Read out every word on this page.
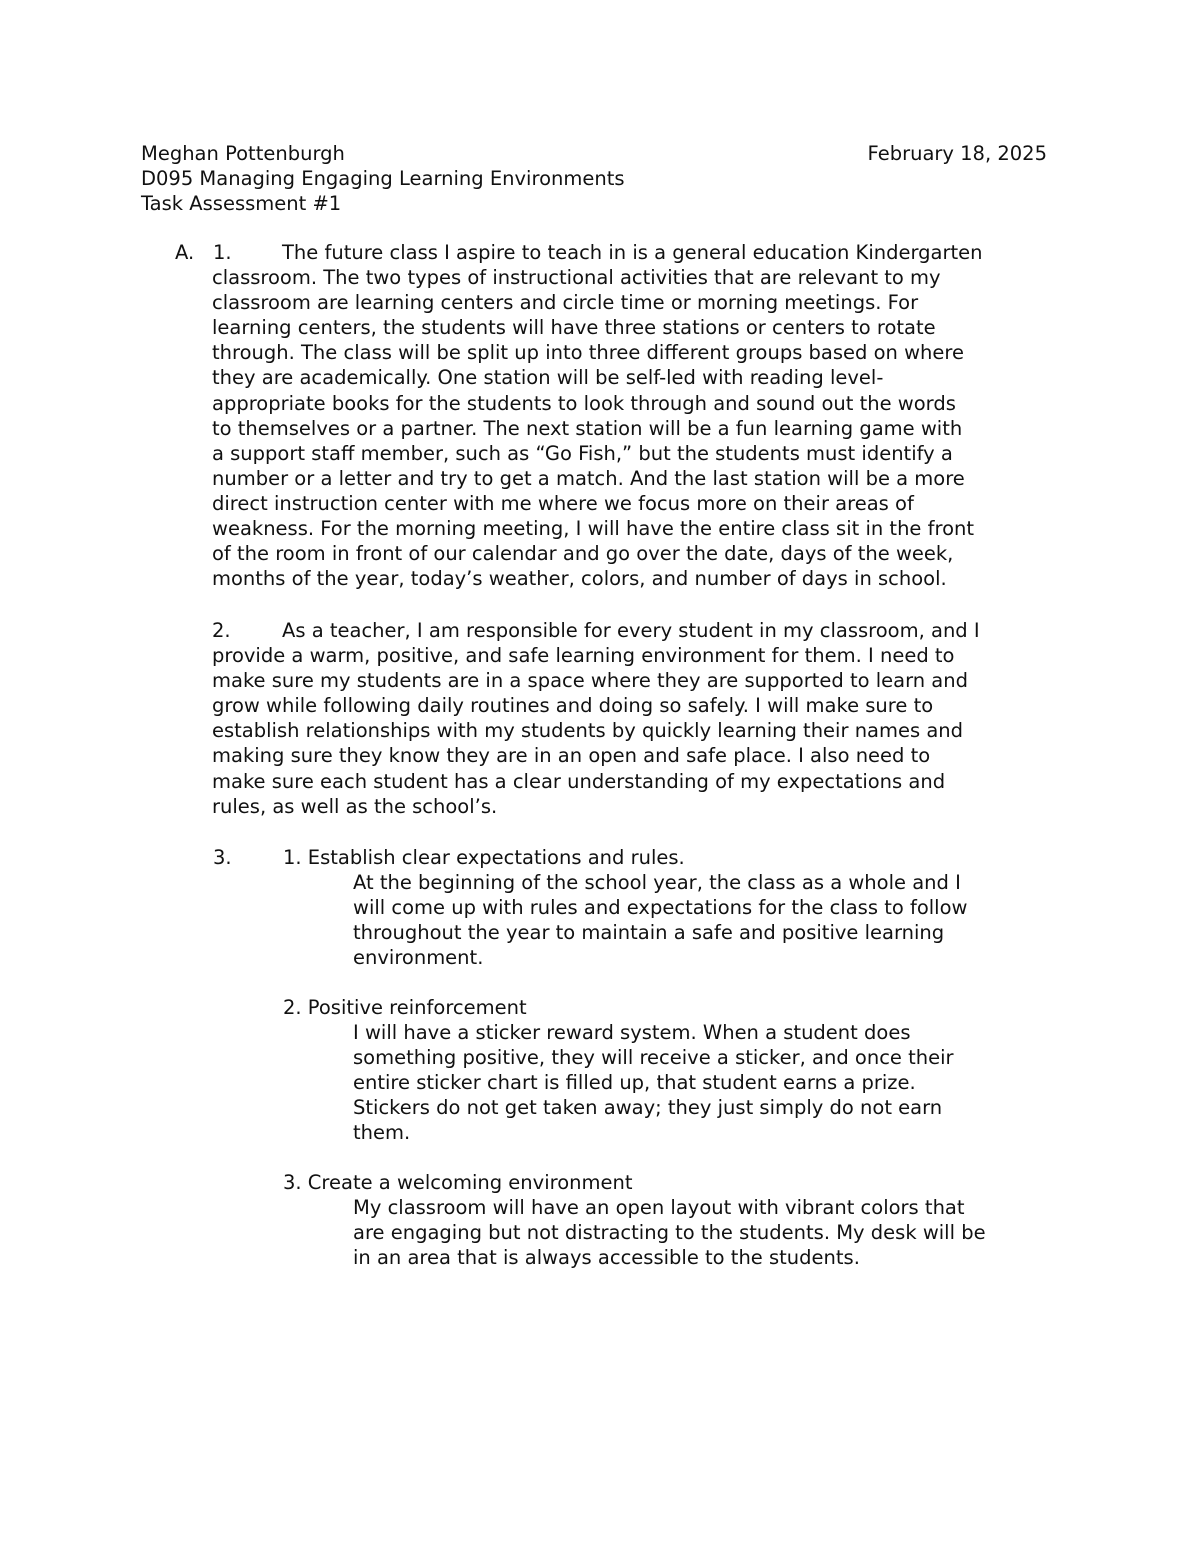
Meghan Pottenburgh	February 18, 2025
D095 Managing Engaging Learning Environments
Task Assessment #1
A. 1.	The future class I aspire to teach in is a general education Kindergarten
classroom. The two types of instructional activities that are relevant to my
classroom are learning centers and circle time or morning meetings. For
learning centers, the students will have three stations or centers to rotate
through. The class will be split up into three different groups based on where
they are academically. One station will be self-led with reading level-
appropriate books for the students to look through and sound out the words
to themselves or a partner. The next station will be a fun learning game with
a support staff member, such as “Go Fish,” but the students must identify a
number or a letter and try to get a match. And the last station will be a more
direct instruction center with me where we focus more on their areas of
weakness. For the morning meeting, I will have the entire class sit in the front
of the room in front of our calendar and go over the date, days of the week,
months of the year, today’s weather, colors, and number of days in school.
2.	As a teacher, I am responsible for every student in my classroom, and I
provide a warm, positive, and safe learning environment for them. I need to
make sure my students are in a space where they are supported to learn and
grow while following daily routines and doing so safely. I will make sure to
establish relationships with my students by quickly learning their names and
making sure they know they are in an open and safe place. I also need to
make sure each student has a clear understanding of my expectations and
rules, as well as the school’s.
3.	1. Establish clear expectations and rules.
At the beginning of the school year, the class as a whole and I
will come up with rules and expectations for the class to follow
throughout the year to maintain a safe and positive learning
environment.
2. Positive reinforcement
I will have a sticker reward system. When a student does
something positive, they will receive a sticker, and once their
entire sticker chart is filled up, that student earns a prize.
Stickers do not get taken away; they just simply do not earn
them.
3. Create a welcoming environment
My classroom will have an open layout with vibrant colors that
are engaging but not distracting to the students. My desk will be
in an area that is always accessible to the students.
